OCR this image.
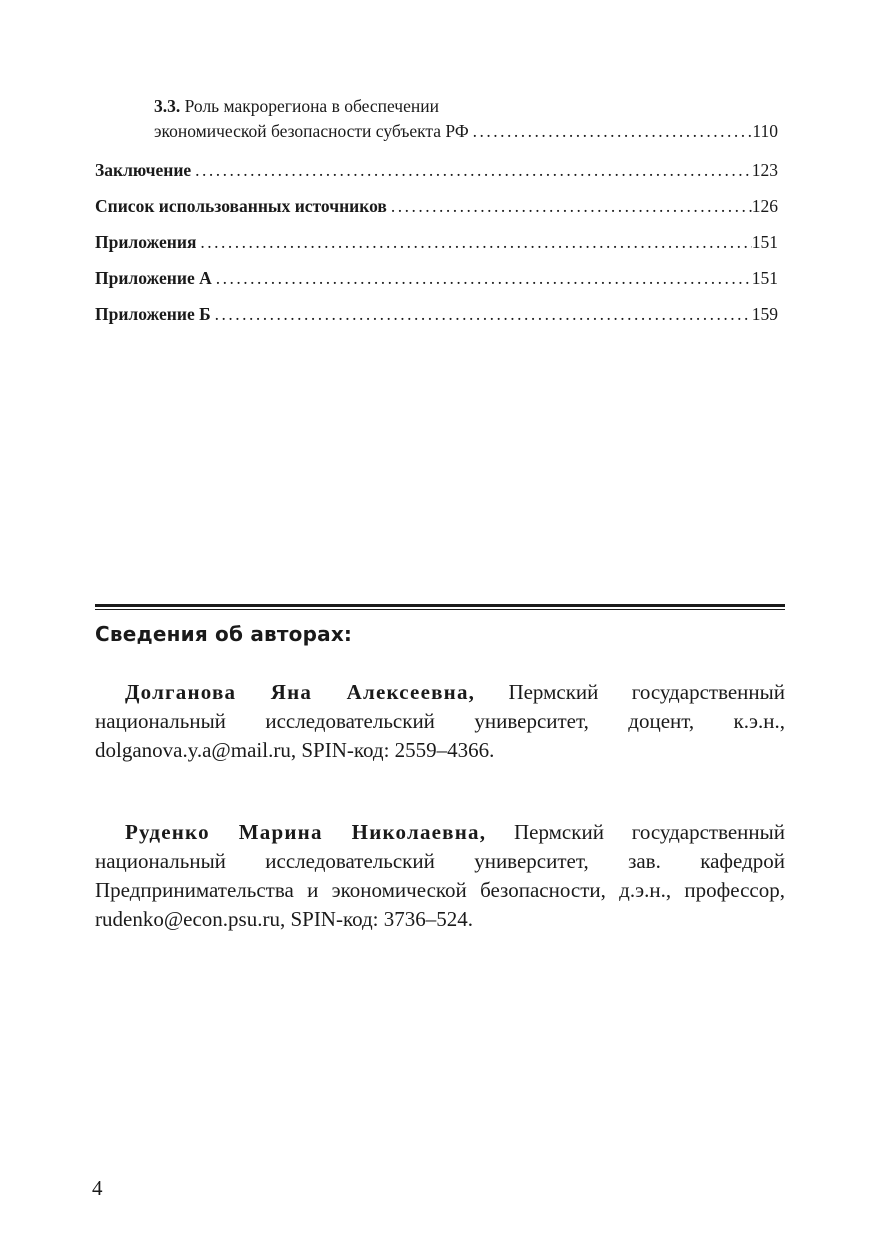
3.3. Роль макрорегиона в обеспечении
экономической безопасности субъекта РФ .....	110
Заключение .....	123
Список использованных источников .....	126
Приложения .....	151
Приложение А .....	151
Приложение Б .....	159
Сведения об авторах:

Долганова Яна Алексеевна, Пермский государственный национальный исследовательский университет, доцент, к.э.н., dolganova.y.a@mail.ru, SPIN-код: 2559–4366.

Руденко Марина Николаевна, Пермский государственный национальный исследовательский университет, зав. кафедрой Предпринимательства и экономической безопасности, д.э.н., профессор, rudenko@econ.psu.ru, SPIN-код: 3736–524.

4
